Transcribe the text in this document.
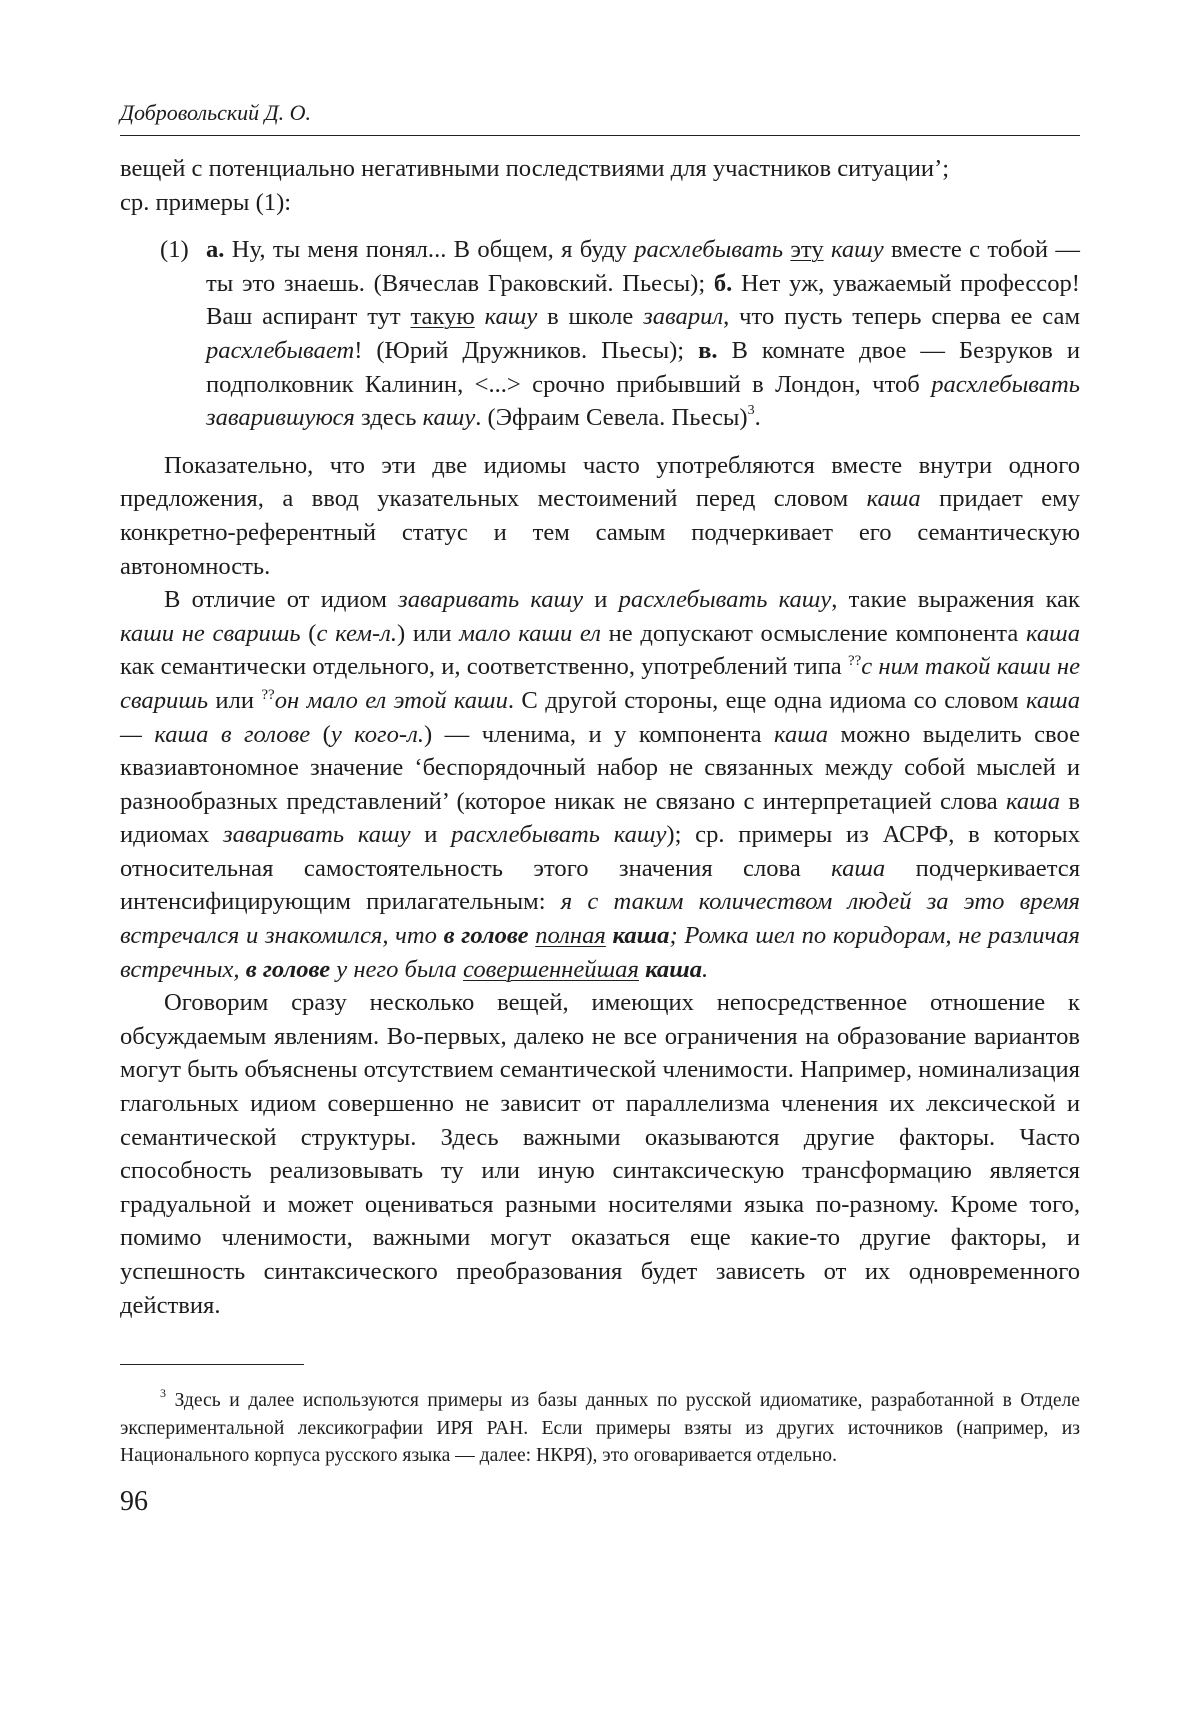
Добровольский Д. О.

вещей с потенциально негативными последствиями для участников ситуации’;
ср. примеры (1):

(1) а. Ну, ты меня понял... В общем, я буду расхлебывать эту кашу вместе с тобой — ты это знаешь. (Вячеслав Граковский. Пьесы); б. Нет уж, уважаемый профессор! Ваш аспирант тут такую кашу в школе заварил, что пусть теперь сперва ее сам расхлебывает! (Юрий Дружников. Пьесы); в. В комнате двое — Безруков и подполковник Калинин, <...> срочно прибывший в Лондон, чтоб расхлебывать заварившуюся здесь кашу. (Эфраим Севела. Пьесы)$^3$.

Показательно, что эти две идиомы часто употребляются вместе внутри одного предложения, а ввод указательных местоимений перед словом каша придает ему конкретно-референтный статус и тем самым подчеркивает его семантическую автономность.

В отличие от идиом заваривать кашу и расхлебывать кашу, такие выражения как каши не сваришь (с кем-л.) или мало каши ел не допускают осмысление компонента каша как семантически отдельного, и, соответственно, употреблений типа ??с ним такой каши не сваришь или ??он мало ел этой каши. С другой стороны, еще одна идиома со словом каша — каша в голове (у кого-л.) — членима, и у компонента каша можно выделить свое квазиавтономное значение ‘беспорядочный набор не связанных между собой мыслей и разнообразных представлений’ (которое никак не связано с интерпретацией слова каша в идиомах заваривать кашу и расхлебывать кашу); ср. примеры из АСРФ, в которых относительная самостоятельность этого значения слова каша подчеркивается интенсифицирующим прилагательным: я с таким количеством людей за это время встречался и знакомился, что в голове полная каша; Ромка шел по коридорам, не различая встречных, в голове у него была совершеннейшая каша.

Оговорим сразу несколько вещей, имеющих непосредственное отношение к обсуждаемым явлениям. Во-первых, далеко не все ограничения на образование вариантов могут быть объяснены отсутствием семантической членимости. Например, номинализация глагольных идиом совершенно не зависит от параллелизма членения их лексической и семантической структуры. Здесь важными оказываются другие факторы. Часто способность реализовывать ту или иную синтаксическую трансформацию является градуальной и может оцениваться разными носителями языка по-разному. Кроме того, помимо членимости, важными могут оказаться еще какие-то другие факторы, и успешность синтаксического преобразования будет зависеть от их одновременного действия.

$^3$ Здесь и далее используются примеры из базы данных по русской идиоматике, разработанной в Отделе экспериментальной лексикографии ИРЯ РАН. Если примеры взяты из других источников (например, из Национального корпуса русского языка — далее: НКРЯ), это оговаривается отдельно.
96
